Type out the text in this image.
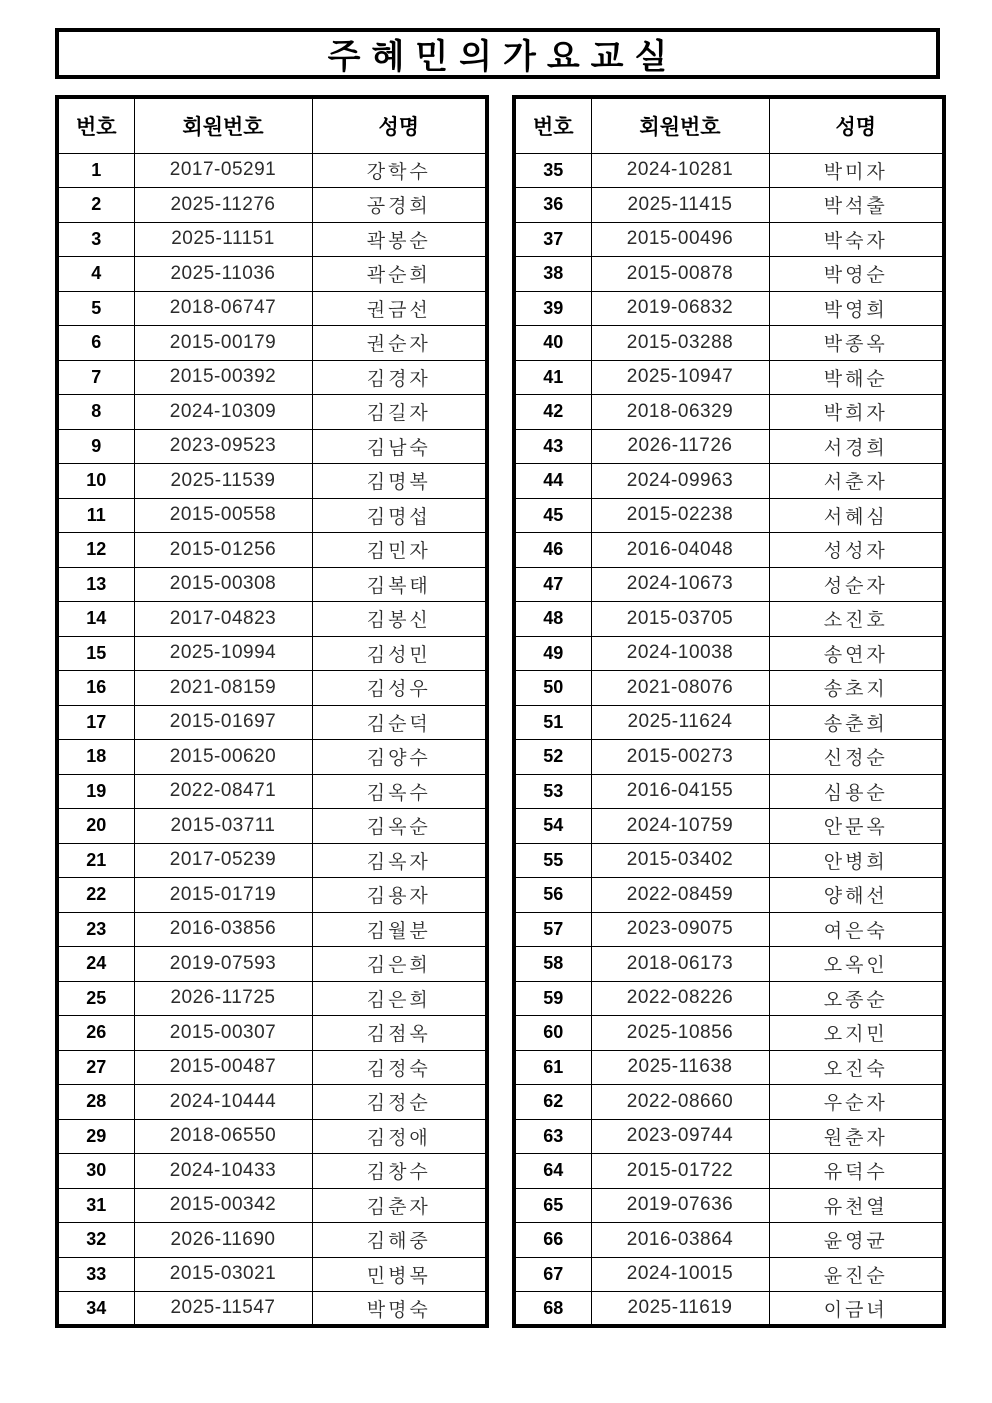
주혜민의가요교실
번호	회원번호	성명
1	2017-05291	강학수
2	2025-11276	공경희
3	2025-11151	곽봉순
4	2025-11036	곽순희
5	2018-06747	권금선
6	2015-00179	권순자
7	2015-00392	김경자
8	2024-10309	김길자
9	2023-09523	김남숙
10	2025-11539	김명복
11	2015-00558	김명섭
12	2015-01256	김민자
13	2015-00308	김복태
14	2017-04823	김봉신
15	2025-10994	김성민
16	2021-08159	김성우
17	2015-01697	김순덕
18	2015-00620	김양수
19	2022-08471	김옥수
20	2015-03711	김옥순
21	2017-05239	김옥자
22	2015-01719	김용자
23	2016-03856	김월분
24	2019-07593	김은희
25	2026-11725	김은희
26	2015-00307	김점옥
27	2015-00487	김정숙
28	2024-10444	김정순
29	2018-06550	김정애
30	2024-10433	김창수
31	2015-00342	김춘자
32	2026-11690	김해중
33	2015-03021	민병목
34	2025-11547	박명숙
번호	회원번호	성명
35	2024-10281	박미자
36	2025-11415	박석출
37	2015-00496	박숙자
38	2015-00878	박영순
39	2019-06832	박영희
40	2015-03288	박종옥
41	2025-10947	박해순
42	2018-06329	박희자
43	2026-11726	서경희
44	2024-09963	서춘자
45	2015-02238	서혜심
46	2016-04048	성성자
47	2024-10673	성순자
48	2015-03705	소진호
49	2024-10038	송연자
50	2021-08076	송초지
51	2025-11624	송춘희
52	2015-00273	신정순
53	2016-04155	심용순
54	2024-10759	안문옥
55	2015-03402	안병희
56	2022-08459	양해선
57	2023-09075	여은숙
58	2018-06173	오옥인
59	2022-08226	오종순
60	2025-10856	오지민
61	2025-11638	오진숙
62	2022-08660	우순자
63	2023-09744	원춘자
64	2015-01722	유덕수
65	2019-07636	유천열
66	2016-03864	윤영균
67	2024-10015	윤진순
68	2025-11619	이금녀
